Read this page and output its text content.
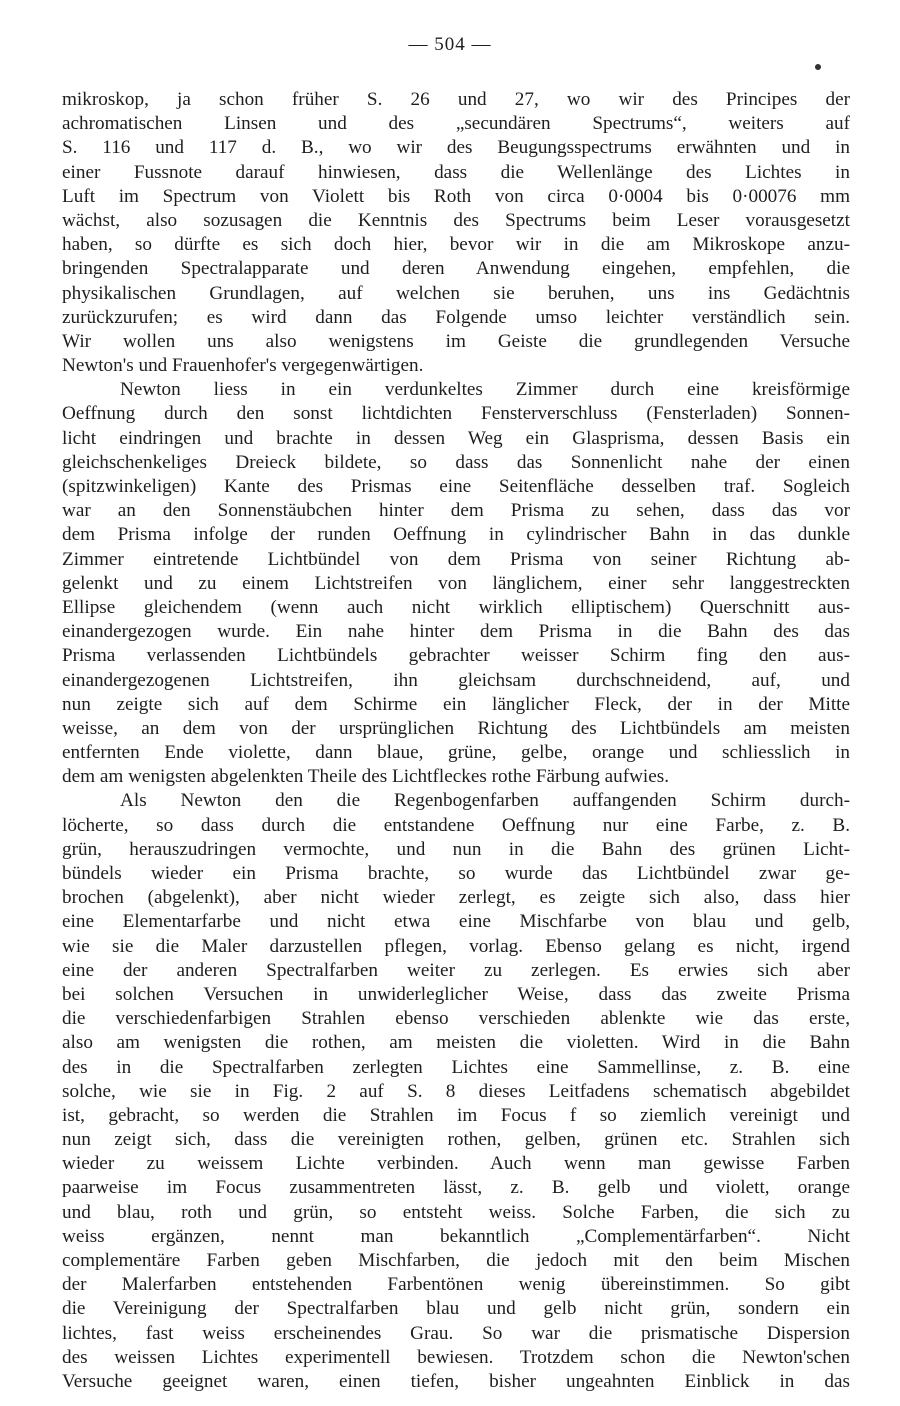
— 504 —
mikroskop, ja schon früher S. 26 und 27, wo wir des Principes der
achromatischen Linsen und des „secundären Spectrums“, weiters auf
S. 116 und 117 d. B., wo wir des Beugungsspectrums erwähnten und in
einer Fussnote darauf hinwiesen, dass die Wellenlänge des Lichtes in
Luft im Spectrum von Violett bis Roth von circa 0·0004 bis 0·00076 mm
wächst, also sozusagen die Kenntnis des Spectrums beim Leser vorausgesetzt
haben, so dürfte es sich doch hier, bevor wir in die am Mikroskope anzu-
bringenden Spectralapparate und deren Anwendung eingehen, empfehlen, die
physikalischen Grundlagen, auf welchen sie beruhen, uns ins Gedächtnis
zurückzurufen; es wird dann das Folgende umso leichter verständlich sein.
Wir wollen uns also wenigstens im Geiste die grundlegenden Versuche
Newton's und Frauenhofer's vergegenwärtigen.
Newton liess in ein verdunkeltes Zimmer durch eine kreisförmige
Oeffnung durch den sonst lichtdichten Fensterverschluss (Fensterladen) Sonnen-
licht eindringen und brachte in dessen Weg ein Glasprisma, dessen Basis ein
gleichschenkeliges Dreieck bildete, so dass das Sonnenlicht nahe der einen
(spitzwinkeligen) Kante des Prismas eine Seitenfläche desselben traf. Sogleich
war an den Sonnenstäubchen hinter dem Prisma zu sehen, dass das vor
dem Prisma infolge der runden Oeffnung in cylindrischer Bahn in das dunkle
Zimmer eintretende Lichtbündel von dem Prisma von seiner Richtung ab-
gelenkt und zu einem Lichtstreifen von länglichem, einer sehr langgestreckten
Ellipse gleichendem (wenn auch nicht wirklich elliptischem) Querschnitt aus-
einandergezogen wurde. Ein nahe hinter dem Prisma in die Bahn des das
Prisma verlassenden Lichtbündels gebrachter weisser Schirm fing den aus-
einandergezogenen Lichtstreifen, ihn gleichsam durchschneidend, auf, und
nun zeigte sich auf dem Schirme ein länglicher Fleck, der in der Mitte
weisse, an dem von der ursprünglichen Richtung des Lichtbündels am meisten
entfernten Ende violette, dann blaue, grüne, gelbe, orange und schliesslich in
dem am wenigsten abgelenkten Theile des Lichtfleckes rothe Färbung aufwies.
Als Newton den die Regenbogenfarben auffangenden Schirm durch-
löcherte, so dass durch die entstandene Oeffnung nur eine Farbe, z. B.
grün, herauszudringen vermochte, und nun in die Bahn des grünen Licht-
bündels wieder ein Prisma brachte, so wurde das Lichtbündel zwar ge-
brochen (abgelenkt), aber nicht wieder zerlegt, es zeigte sich also, dass hier
eine Elementarfarbe und nicht etwa eine Mischfarbe von blau und gelb,
wie sie die Maler darzustellen pflegen, vorlag. Ebenso gelang es nicht, irgend
eine der anderen Spectralfarben weiter zu zerlegen. Es erwies sich aber
bei solchen Versuchen in unwiderleglicher Weise, dass das zweite Prisma
die verschiedenfarbigen Strahlen ebenso verschieden ablenkte wie das erste,
also am wenigsten die rothen, am meisten die violetten. Wird in die Bahn
des in die Spectralfarben zerlegten Lichtes eine Sammellinse, z. B. eine
solche, wie sie in Fig. 2 auf S. 8 dieses Leitfadens schematisch abgebildet
ist, gebracht, so werden die Strahlen im Focus f so ziemlich vereinigt und
nun zeigt sich, dass die vereinigten rothen, gelben, grünen etc. Strahlen sich
wieder zu weissem Lichte verbinden. Auch wenn man gewisse Farben
paarweise im Focus zusammentreten lässt, z. B. gelb und violett, orange
und blau, roth und grün, so entsteht weiss. Solche Farben, die sich zu
weiss ergänzen, nennt man bekanntlich „Complementärfarben“. Nicht
complementäre Farben geben Mischfarben, die jedoch mit den beim Mischen
der Malerfarben entstehenden Farbentönen wenig übereinstimmen. So gibt
die Vereinigung der Spectralfarben blau und gelb nicht grün, sondern ein
lichtes, fast weiss erscheinendes Grau. So war die prismatische Dispersion
des weissen Lichtes experimentell bewiesen. Trotzdem schon die Newton'schen
Versuche geeignet waren, einen tiefen, bisher ungeahnten Einblick in das
